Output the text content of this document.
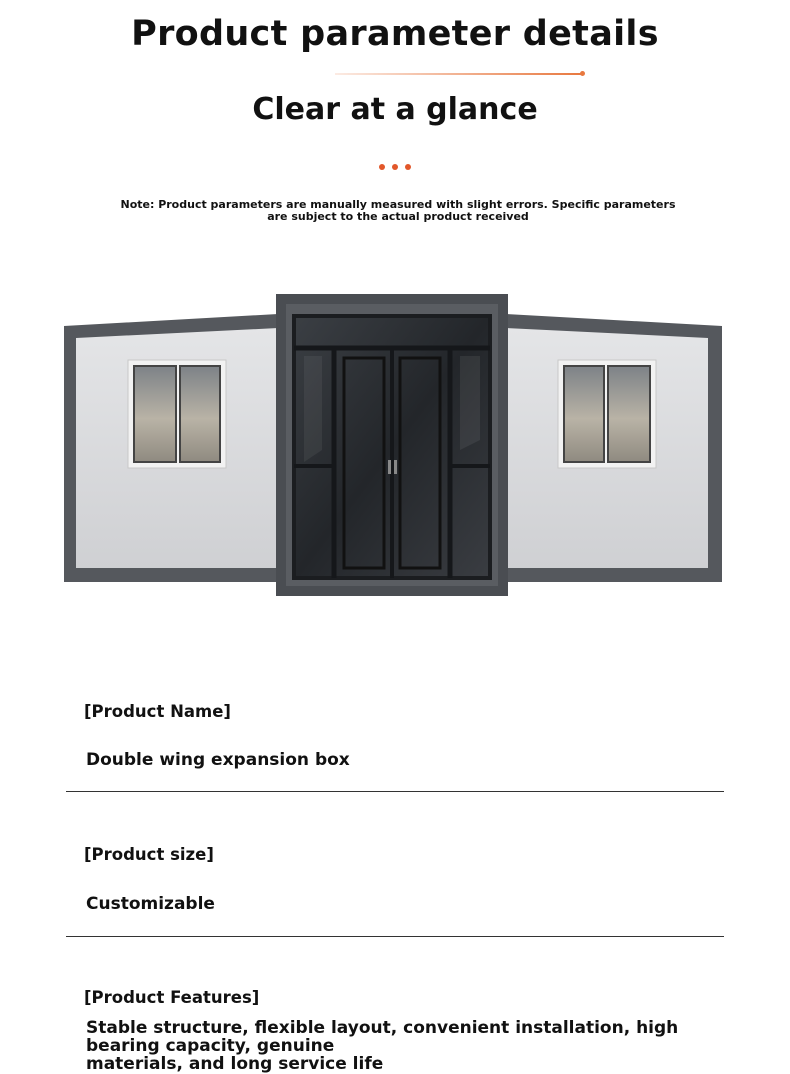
Product parameter details
Clear at a glance
Note: Product parameters are manually measured with slight errors. Specific parameters
are subject to the actual product received
[Product Name]
Double wing expansion box
[Product size]
Customizable
[Product Features]
Stable structure, flexible layout, convenient installation, high
bearing capacity, genuine
materials, and long service life
